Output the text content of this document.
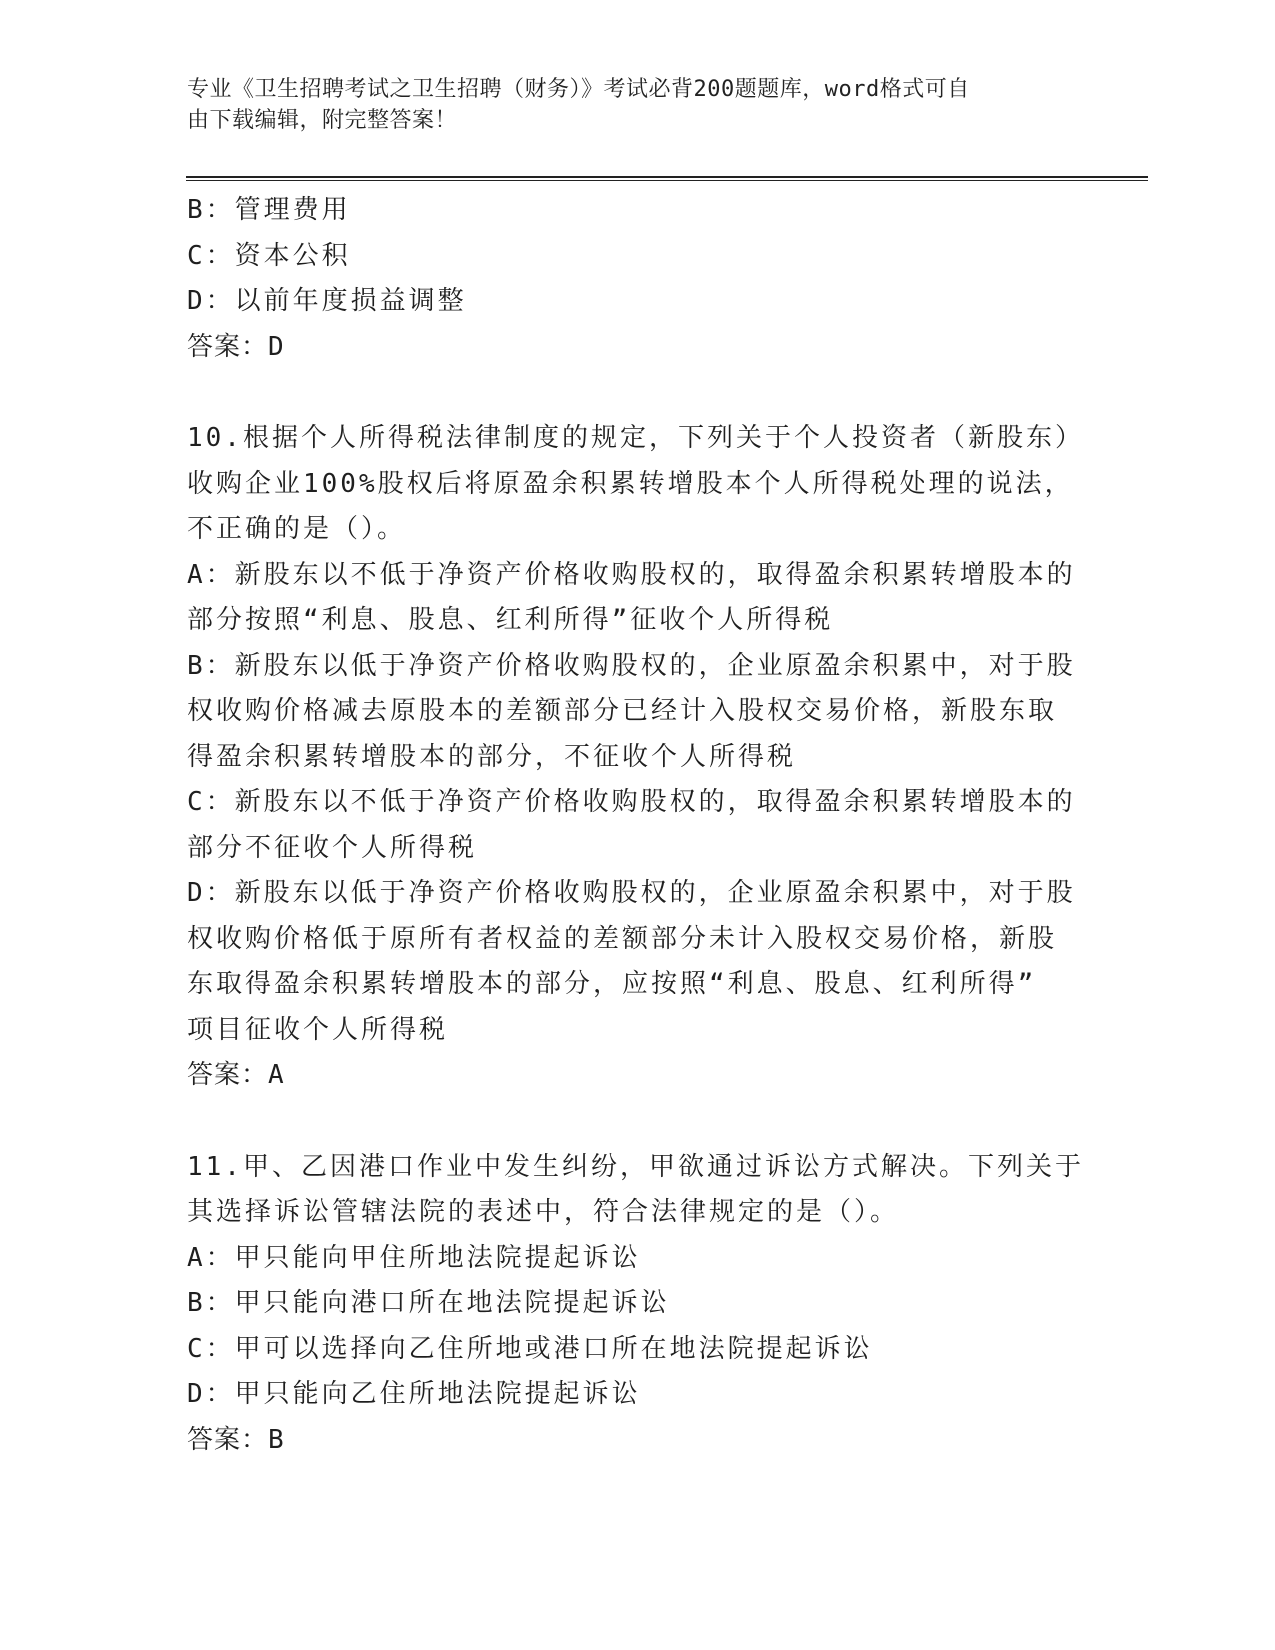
专业《卫生招聘考试之卫生招聘（财务）》考试必背200题题库，word格式可自
由下载编辑，附完整答案！

B：管理费用

C：资本公积

D：以前年度损益调整

答案：D

10.根据个人所得税法律制度的规定，下列关于个人投资者（新股东）

收购企业100%股权后将原盈余积累转增股本个人所得税处理的说法，

不正确的是（）。

A：新股东以不低于净资产价格收购股权的，取得盈余积累转增股本的

部分按照“利息、股息、红利所得”征收个人所得税

B：新股东以低于净资产价格收购股权的，企业原盈余积累中，对于股

权收购价格减去原股本的差额部分已经计入股权交易价格，新股东取

得盈余积累转增股本的部分，不征收个人所得税

C：新股东以不低于净资产价格收购股权的，取得盈余积累转增股本的

部分不征收个人所得税

D：新股东以低于净资产价格收购股权的，企业原盈余积累中，对于股

权收购价格低于原所有者权益的差额部分未计入股权交易价格，新股

东取得盈余积累转增股本的部分，应按照“利息、股息、红利所得”

项目征收个人所得税

答案：A

11.甲、乙因港口作业中发生纠纷，甲欲通过诉讼方式解决。下列关于

其选择诉讼管辖法院的表述中，符合法律规定的是（）。

A：甲只能向甲住所地法院提起诉讼

B：甲只能向港口所在地法院提起诉讼

C：甲可以选择向乙住所地或港口所在地法院提起诉讼

D：甲只能向乙住所地法院提起诉讼

答案：B
